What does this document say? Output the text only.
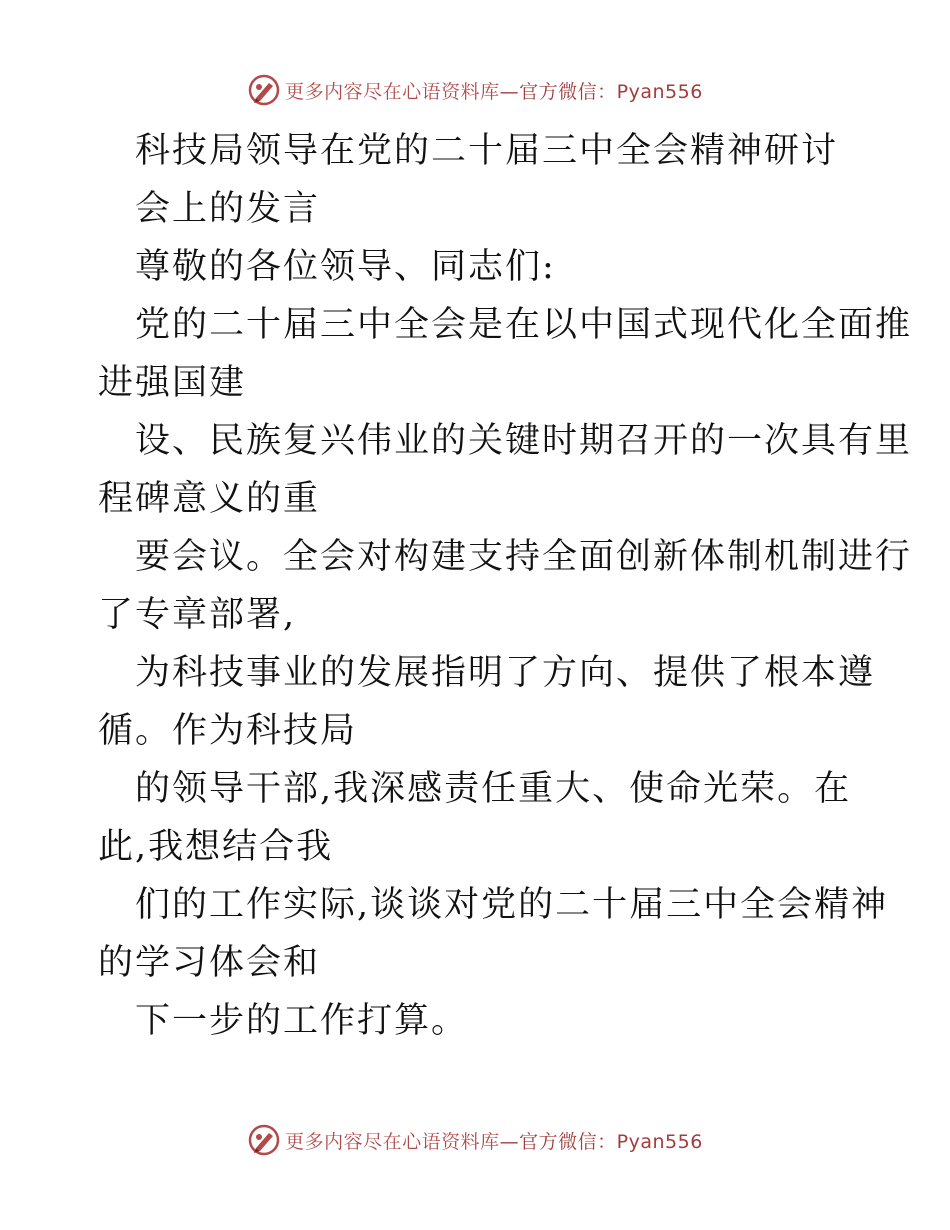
更多内容尽在心语资料库—官方微信：Pyan556
科技局领导在党的二十届三中全会精神研讨
会上的发言
尊敬的各位领导、同志们:
党的二十届三中全会是在以中国式现代化全面推
进强国建
设、民族复兴伟业的关键时期召开的一次具有里
程碑意义的重
要会议。全会对构建支持全面创新体制机制进行
了专章部署,
为科技事业的发展指明了方向、提供了根本遵
循。作为科技局
的领导干部,我深感责任重大、使命光荣。在
此,我想结合我
们的工作实际,谈谈对党的二十届三中全会精神
的学习体会和
下一步的工作打算。
更多内容尽在心语资料库—官方微信：Pyan556
